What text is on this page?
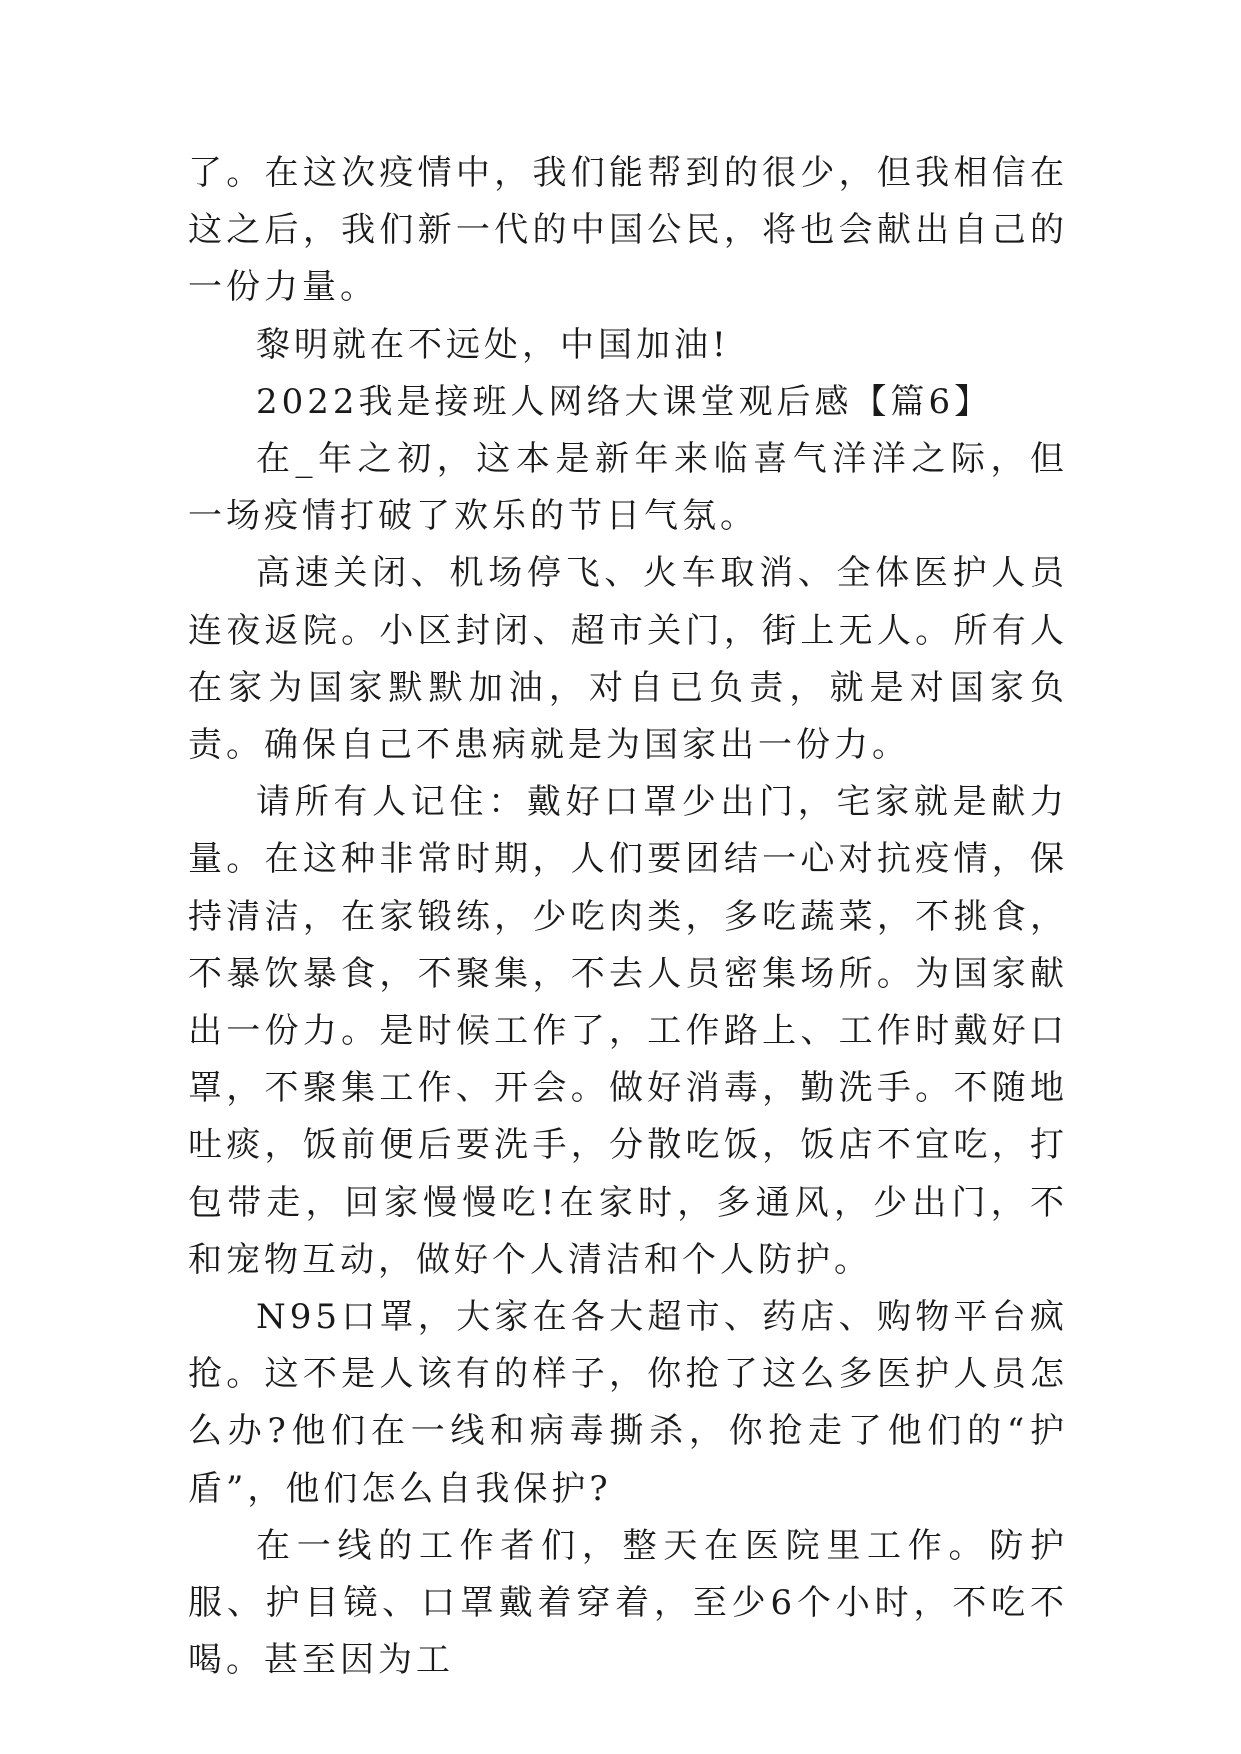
了。在这次疫情中，我们能帮到的很少，但我相信在这之后，我们新一代的中国公民，将也会献出自己的一份力量。

黎明就在不远处，中国加油!

2022我是接班人网络大课堂观后感【篇6】

在_年之初，这本是新年来临喜气洋洋之际，但一场疫情打破了欢乐的节日气氛。

高速关闭、机场停飞、火车取消、全体医护人员连夜返院。小区封闭、超市关门，街上无人。所有人在家为国家默默加油，对自已负责，就是对国家负责。确保自己不患病就是为国家出一份力。

请所有人记住：戴好口罩少出门，宅家就是献力量。在这种非常时期，人们要团结一心对抗疫情，保持清洁，在家锻练，少吃肉类，多吃蔬菜，不挑食，不暴饮暴食，不聚集，不去人员密集场所。为国家献出一份力。是时候工作了，工作路上、工作时戴好口罩，不聚集工作、开会。做好消毒，勤洗手。不随地吐痰，饭前便后要洗手，分散吃饭，饭店不宜吃，打包带走，回家慢慢吃!在家时，多通风，少出门，不和宠物互动，做好个人清洁和个人防护。

N95口罩，大家在各大超市、药店、购物平台疯抢。这不是人该有的样子，你抢了这么多医护人员怎么办?他们在一线和病毒撕杀，你抢走了他们的“护盾”，他们怎么自我保护?

在一线的工作者们，整天在医院里工作。防护服、护目镜、口罩戴着穿着，至少6个小时，不吃不喝。甚至因为工
